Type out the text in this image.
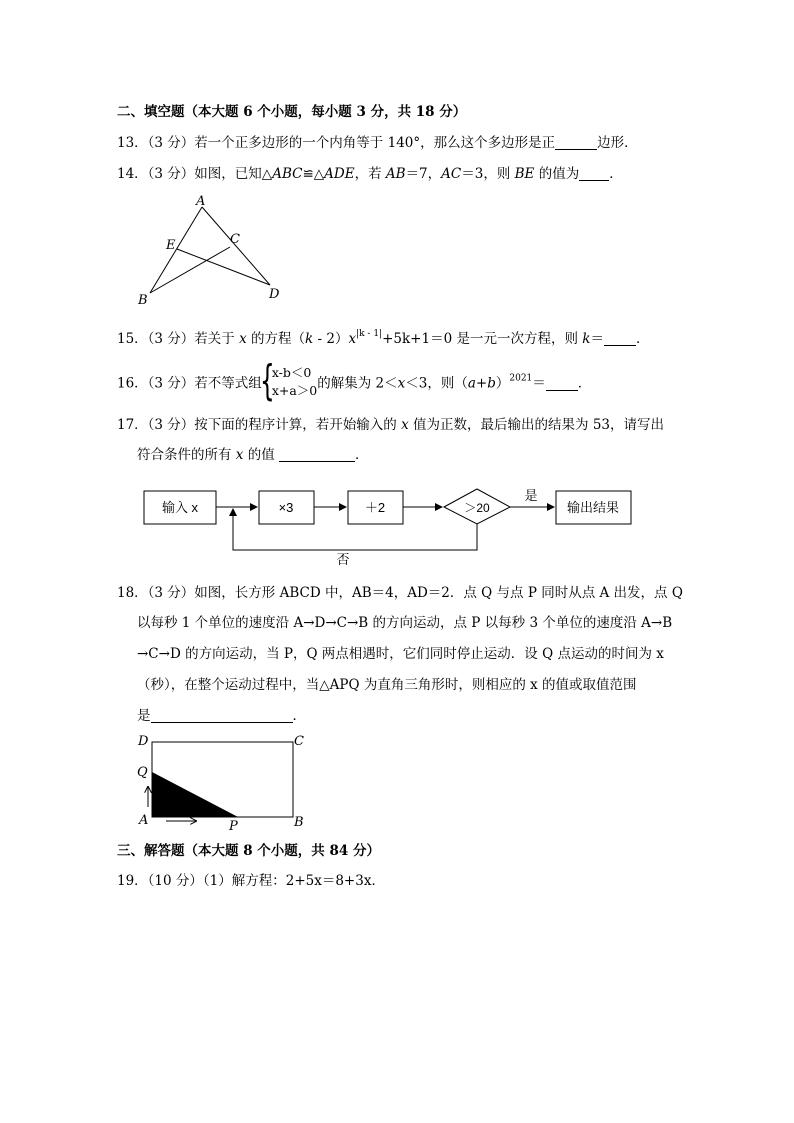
二、填空题（本大题 6 个小题，每小题 3 分，共 18 分）
13．（3 分）若一个正多边形的一个内角等于 140°，那么这个多边形是正	边形．
14．（3 分）如图，已知△ABC≌△ADE，若 AB＝7，AC＝3，则 BE 的值为 ．
A
E	C
B	D
15．（3 分）若关于 x 的方程$(k - 2)x^{|k - 1|}+5k+1=0$ 是一元一次方程，则 k＝ ．
16．（3 分）若不等式组
{
x-b＜0
x+a＞0 的解集为 2＜x＜3，则$(a+b)^{2021}=$ ．
17．（3 分）按下面的程序计算，若开始输入的 x 值为正数，最后输出的结果为 53，请写出
符合条件的所有 x 的值	．
输入 x	×3	＋2	＞20
是
否
输出结果
18．（3 分）如图，长方形 ABCD 中，AB＝4，AD＝2．点 Q 与点 P 同时从点 A 出发，点 Q
以每秒 1 个单位的速度沿 A→D→C→B 的方向运动，点 P 以每秒 3 个单位的速度沿 A→B
→C→D 的方向运动，当 P，Q 两点相遇时，它们同时停止运动．设 Q 点运动的时间为 x
（秒），在整个运动过程中，当△APQ 为直角三角形时，则相应的 x 的值或取值范围
是	．
D	C
Q
A	P	B
三、解答题（本大题 8 个小题，共 84 分）
19．（10 分）（1）解方程：2+5x＝8+3x．
